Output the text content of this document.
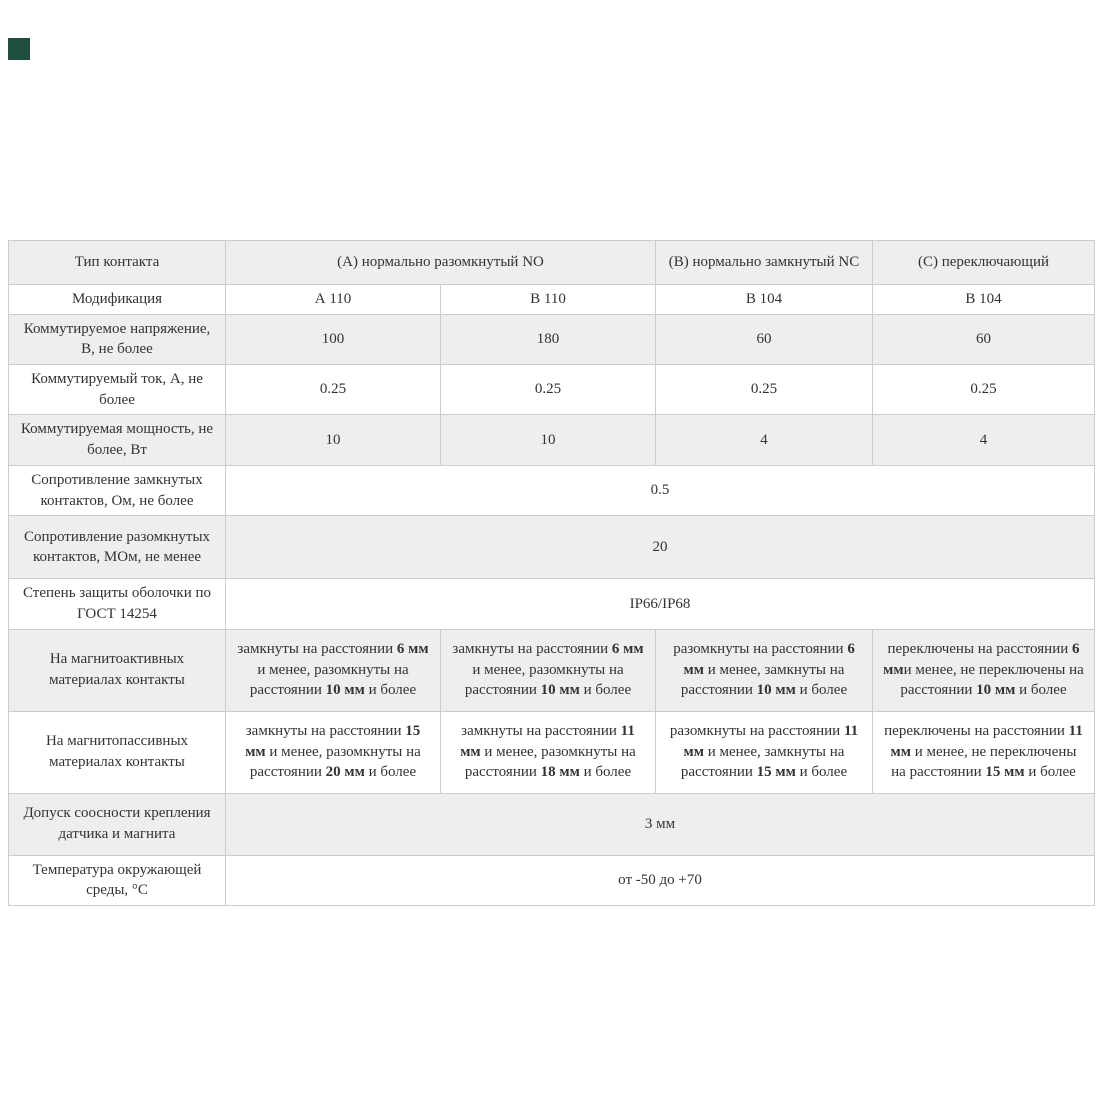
Тип контакта	(А) нормально разомкнутый NO		(В) нормально замкнутый NC	(С) переключающий
Модификация	А 110	В 110	В 104	В 104
Коммутируемое напряжение, В, не более	100	180	60	60
Коммутируемый ток, А, не более	0.25	0.25	0.25	0.25
Коммутируемая мощность, не более, Вт	10	10	4	4
Сопротивление замкнутых контактов, Ом, не более	0.5			
Сопротивление разомкнутых контактов, МОм, не менее	20			
Степень защиты оболочки по ГОСТ 14254	IP66/IP68			
На магнитоактивных материалах контакты	замкнуты на расстоянии 6 мм и менее, разомкнуты на расстоянии 10 мм и более	замкнуты на расстоянии 6 мм и менее, разомкнуты на расстоянии 10 мм и более	разомкнуты на расстоянии 6 мм и менее, замкнуты на расстоянии 10 мм и более	переключены на расстоянии 6 мми менее, не переключены на расстоянии 10 мм и более
На магнитопассивных материалах контакты	замкнуты на расстоянии 15 мм и менее, разомкнуты на расстоянии 20 мм и более	замкнуты на расстоянии 11 мм и менее, разомкнуты на расстоянии 18 мм и более	разомкнуты на расстоянии 11 мм и менее, замкнуты на расстоянии 15 мм и более	переключены на расстоянии 11 мм и менее, не переключены на расстоянии 15 мм и более
Допуск соосности крепления датчика и магнита	3 мм			
Температура окружающей среды, °С	от -50 до +70			
